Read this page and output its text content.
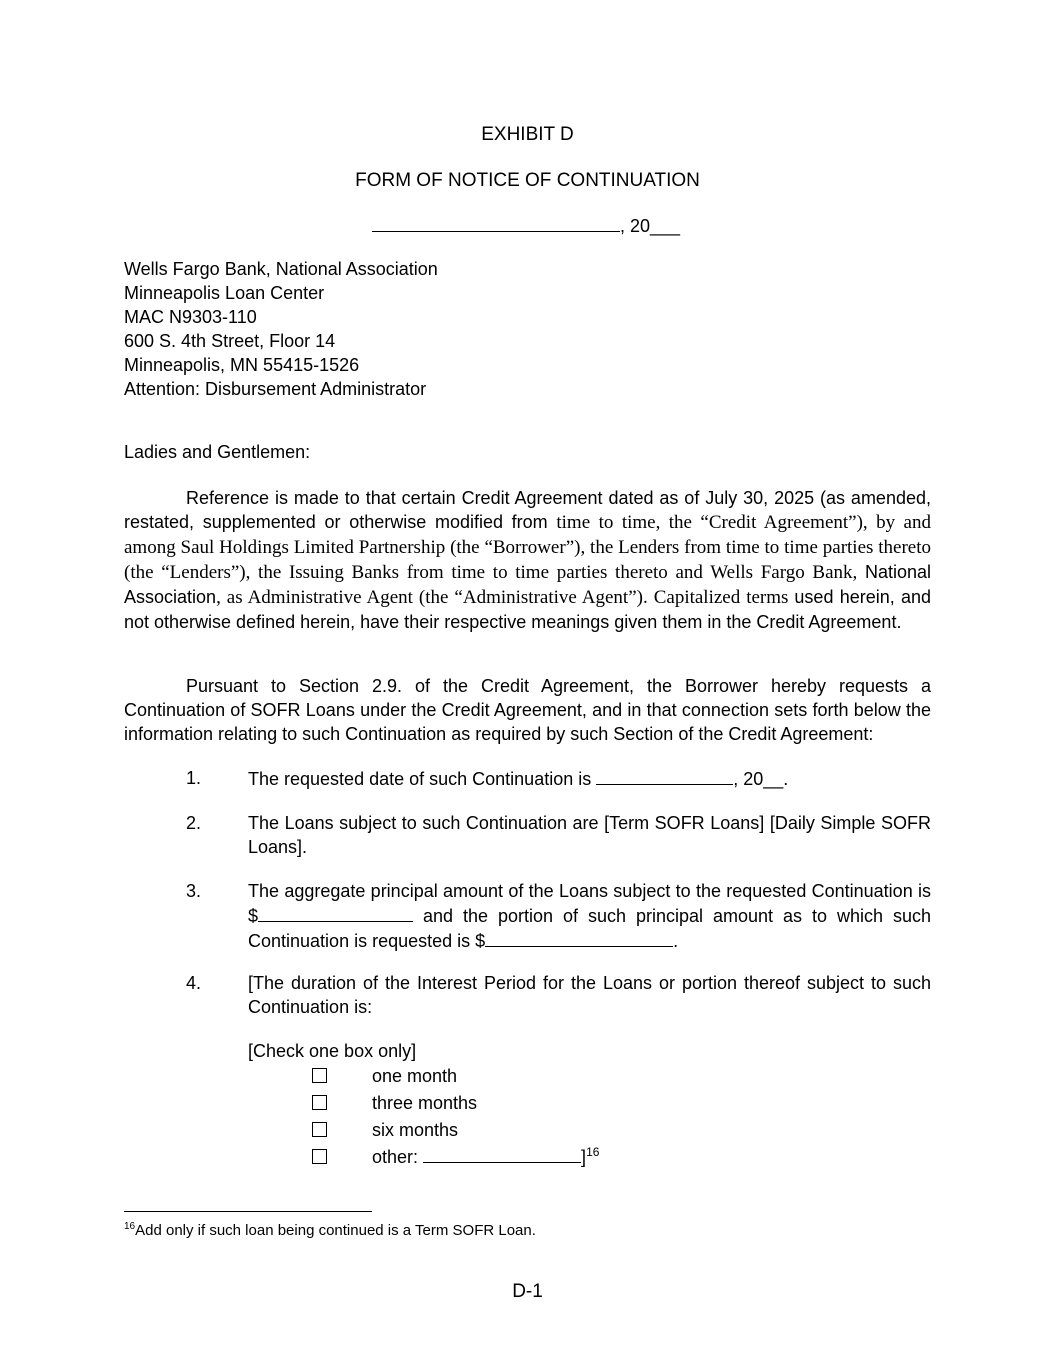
EXHIBIT D
FORM OF NOTICE OF CONTINUATION
, 20___
Wells Fargo Bank, National Association
Minneapolis Loan Center
MAC N9303-110
600 S. 4th Street, Floor 14
Minneapolis, MN 55415-1526
Attention: Disbursement Administrator
Ladies and Gentlemen:

Reference is made to that certain Credit Agreement dated as of July 30, 2025 (as amended, restated, supplemented or otherwise modified from time to time, the “Credit Agreement”), by and among Saul Holdings Limited Partnership (the “Borrower”), the Lenders from time to time parties thereto (the “Lenders”), the Issuing Banks from time to time parties thereto and Wells Fargo Bank, National Association, as Administrative Agent (the “Administrative Agent”). Capitalized terms used herein, and not otherwise defined herein, have their respective meanings given them in the Credit Agreement.

Pursuant to Section 2.9. of the Credit Agreement, the Borrower hereby requests a Continuation of SOFR Loans under the Credit Agreement, and in that connection sets forth below the information relating to such Continuation as required by such Section of the Credit Agreement:

1.	The requested date of such Continuation is	, 20__.
2.	The Loans subject to such Continuation are [Term SOFR Loans] [Daily Simple SOFR Loans].
3.	The aggregate principal amount of the Loans subject to the requested Continuation is $	and the portion of such principal amount as to which such Continuation is requested is $	.
4.	[The duration of the Interest Period for the Loans or portion thereof subject to such Continuation is:
[Check one box only]
one month
three months
six months
other:	]$^{16}$
$^{16}$Add only if such loan being continued is a Term SOFR Loan.
D-1
